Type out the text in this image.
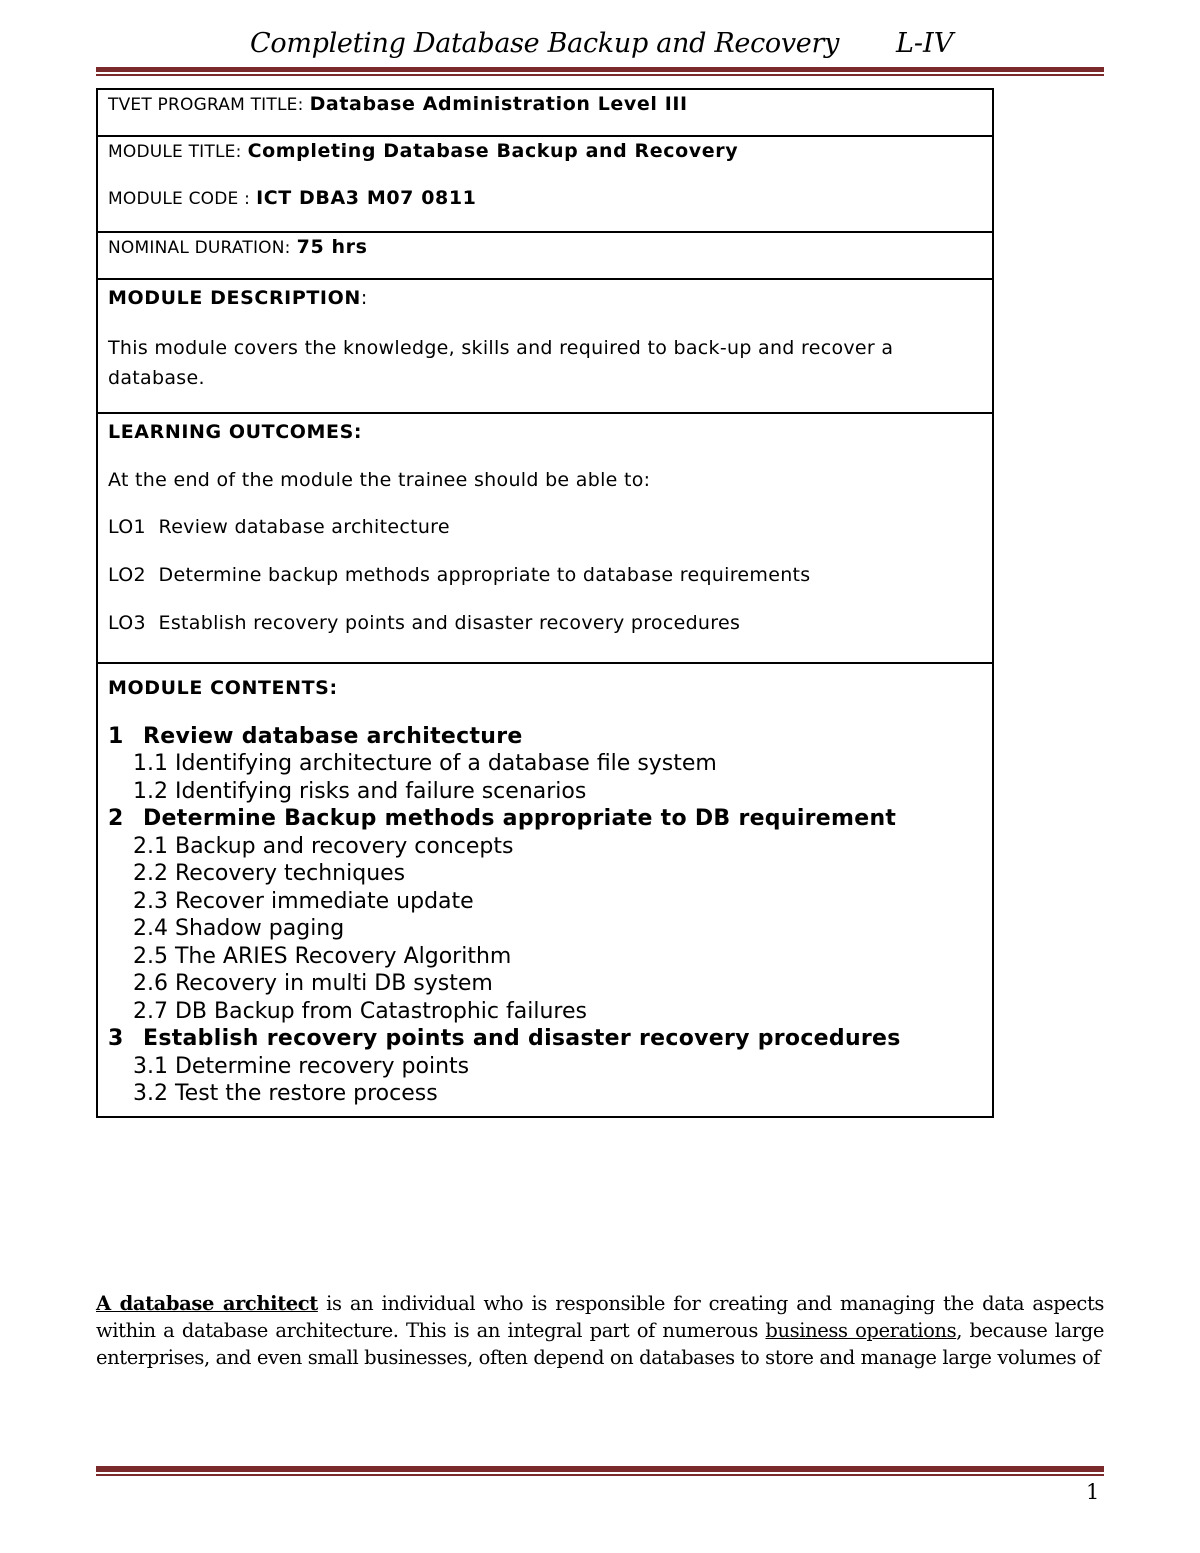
Completing Database Backup and Recovery L-IV
TVET PROGRAM TITLE: Database Administration Level III

MODULE TITLE: Completing Database Backup and Recovery

MODULE CODE : ICT DBA3 M07 0811

NOMINAL DURATION: 75 hrs

MODULE DESCRIPTION:

This module covers the knowledge, skills and required to back-up and recover a database.

LEARNING OUTCOMES:

At the end of the module the trainee should be able to:

LO1 Review database architecture

LO2 Determine backup methods appropriate to database requirements

LO3 Establish recovery points and disaster recovery procedures

MODULE CONTENTS:

1 Review database architecture
1.1 Identifying architecture of a database file system
1.2 Identifying risks and failure scenarios
2 Determine Backup methods appropriate to DB requirement
2.1 Backup and recovery concepts
2.2 Recovery techniques
2.3 Recover immediate update
2.4 Shadow paging
2.5 The ARIES Recovery Algorithm
2.6 Recovery in multi DB system
2.7 DB Backup from Catastrophic failures
3 Establish recovery points and disaster recovery procedures
3.1 Determine recovery points
3.2 Test the restore process

A database architect is an individual who is responsible for creating and managing the data aspects within a database architecture. This is an integral part of numerous business operations, because large enterprises, and even small businesses, often depend on databases to store and manage large volumes of

1
